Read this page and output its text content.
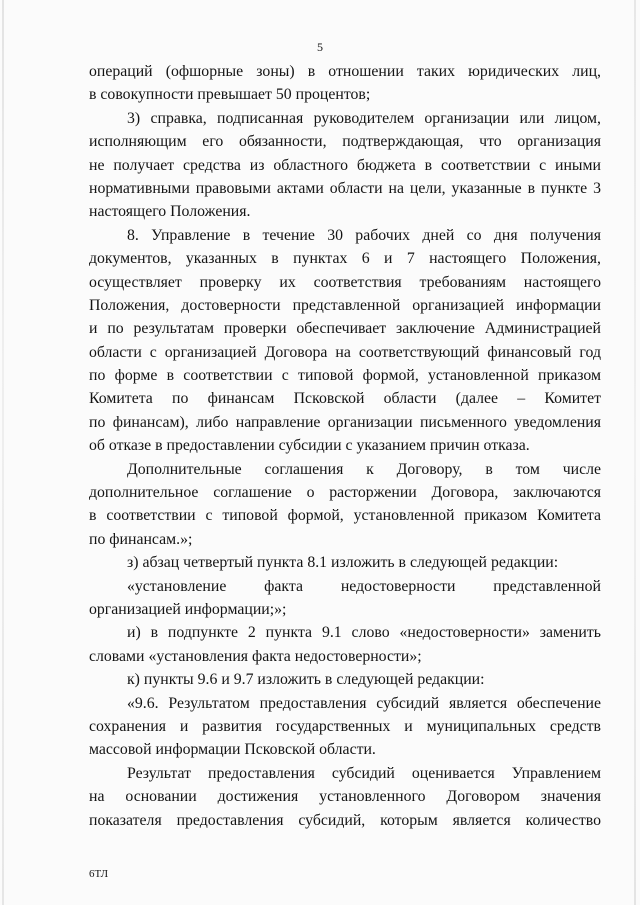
5
операций (офшорные зоны) в отношении таких юридических лиц,
в совокупности превышает 50 процентов;
3) справка, подписанная руководителем организации или лицом,
исполняющим его обязанности, подтверждающая, что организация
не получает средства из областного бюджета в соответствии с иными
нормативными правовыми актами области на цели, указанные в пункте 3
настоящего Положения.
8. Управление в течение 30 рабочих дней со дня получения
документов, указанных в пунктах 6 и 7 настоящего Положения,
осуществляет проверку их соответствия требованиям настоящего
Положения, достоверности представленной организацией информации
и по результатам проверки обеспечивает заключение Администрацией
области с организацией Договора на соответствующий финансовый год
по форме в соответствии с типовой формой, установленной приказом
Комитета по финансам Псковской области (далее – Комитет
по финансам), либо направление организации письменного уведомления
об отказе в предоставлении субсидии с указанием причин отказа.
Дополнительные соглашения к Договору, в том числе
дополнительное соглашение о расторжении Договора, заключаются
в соответствии с типовой формой, установленной приказом Комитета
по финансам.»;
з) абзац четвертый пункта 8.1 изложить в следующей редакции:
«установление факта недостоверности представленной
организацией информации;»;
и) в подпункте 2 пункта 9.1 слово «недостоверности» заменить
словами «установления факта недостоверности»;
к) пункты 9.6 и 9.7 изложить в следующей редакции:
«9.6. Результатом предоставления субсидий является обеспечение
сохранения и развития государственных и муниципальных средств
массовой информации Псковской области.
Результат предоставления субсидий оценивается Управлением
на основании достижения установленного Договором значения
показателя предоставления субсидий, которым является количество
6ТЛ
